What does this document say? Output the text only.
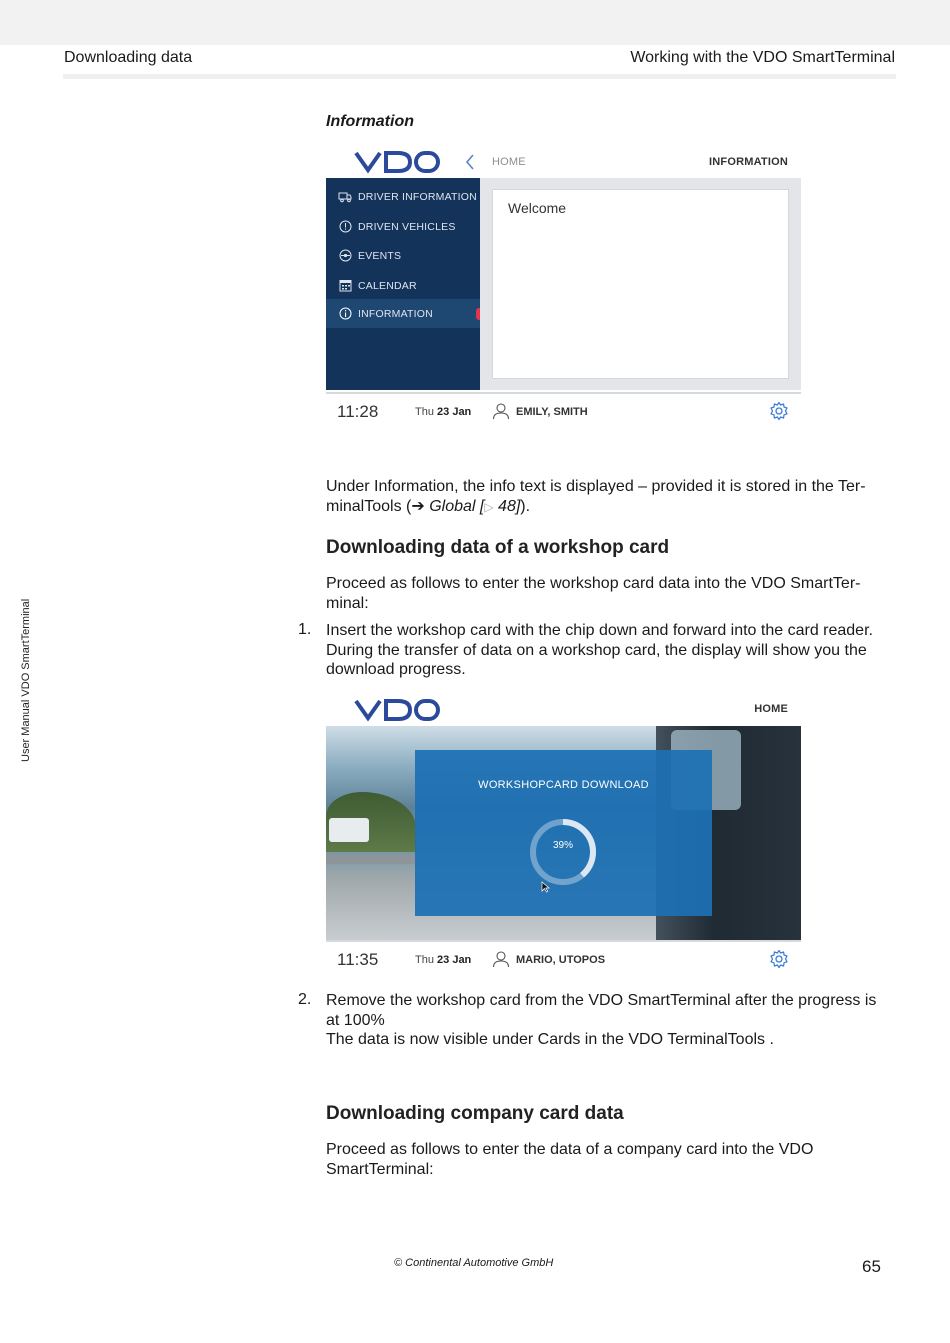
Downloading data	Working with the VDO SmartTerminal
User Manual VDO SmartTerminal
Information
HOME	INFORMATION
DRIVER INFORMATION
DRIVEN VEHICLES
EVENTS
CALENDAR
INFORMATION
Welcome
11:28	Thu 23 Jan	EMILY, SMITH
Under Information, the info text is displayed – provided it is stored in the Ter-
minalTools (➔ Global [▷ 48]).
Downloading data of a workshop card
Proceed as follows to enter the workshop card data into the VDO SmartTer-
minal:
1. Insert the workshop card with the chip down and forward into the card reader.
During the transfer of data on a workshop card, the display will show you the
download progress.
HOME
WORKSHOPCARD DOWNLOAD
39%
11:35	Thu 23 Jan	MARIO, UTOPOS
2. Remove the workshop card from the VDO SmartTerminal after the progress is
at 100%
The data is now visible under Cards in the VDO TerminalTools .
Downloading company card data
Proceed as follows to enter the data of a company card into the VDO
SmartTerminal:
© Continental Automotive GmbH	65
